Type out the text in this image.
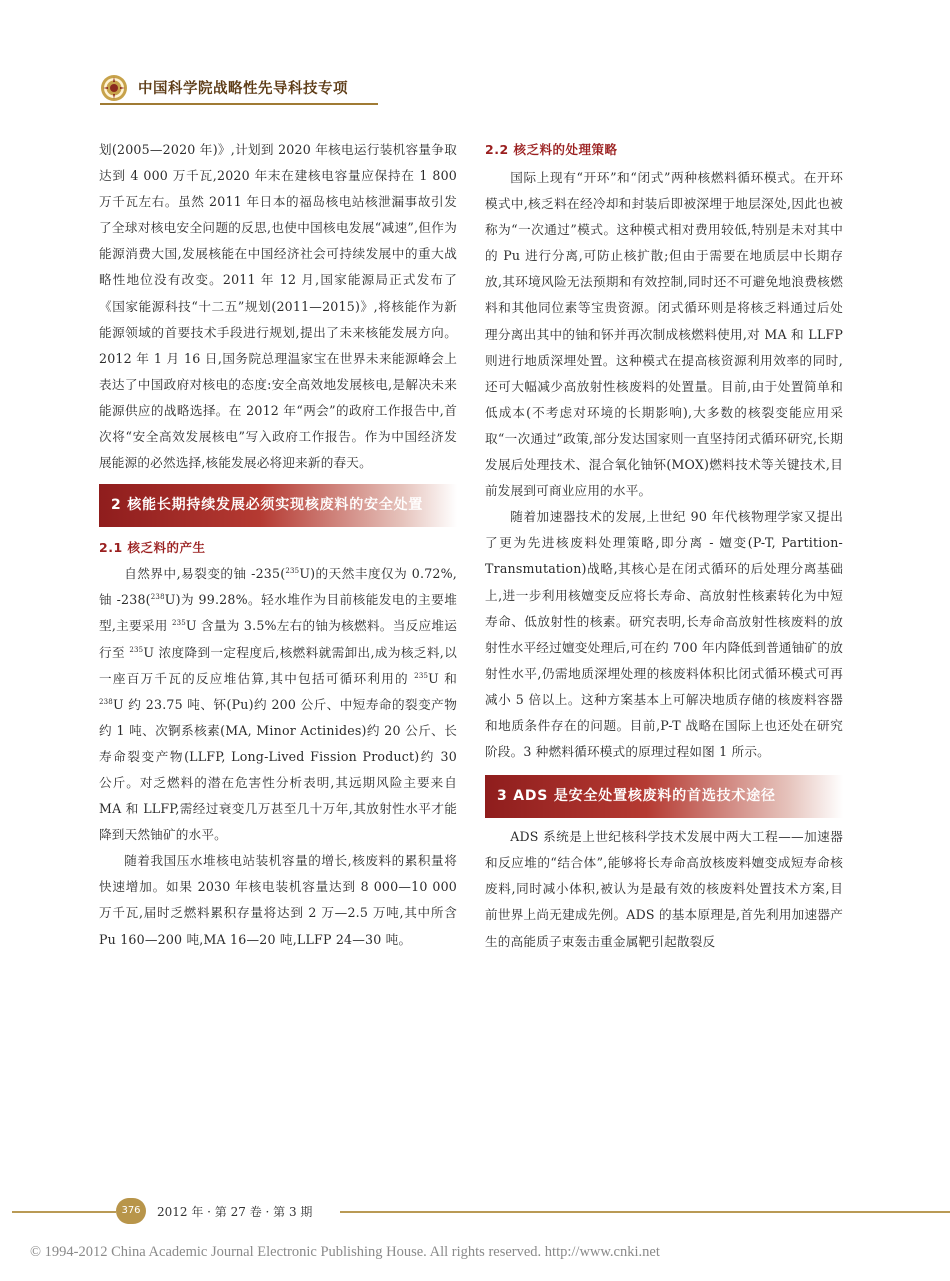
中国科学院战略性先导科技专项

划(2005—2020 年)》,计划到 2020 年核电运行装机容量争取达到 4 000 万千瓦,2020 年末在建核电容量应保持在 1 800 万千瓦左右。虽然 2011 年日本的福岛核电站核泄漏事故引发了全球对核电安全问题的反思,也使中国核电发展“减速”,但作为能源消费大国,发展核能在中国经济社会可持续发展中的重大战略性地位没有改变。2011 年 12 月,国家能源局正式发布了《国家能源科技“十二五”规划(2011—2015)》,将核能作为新能源领域的首要技术手段进行规划,提出了未来核能发展方向。2012 年 1 月 16 日,国务院总理温家宝在世界未来能源峰会上表达了中国政府对核电的态度:安全高效地发展核电,是解决未来能源供应的战略选择。在 2012 年“两会”的政府工作报告中,首次将“安全高效发展核电”写入政府工作报告。作为中国经济发展能源的必然选择,核能发展必将迎来新的春天。

2 核能长期持续发展必须实现核废料的安全处置
2.1 核乏料的产生

自然界中,易裂变的铀 -235($^{235}$U)的天然丰度仅为 0.72%,铀 -238($^{238}$U)为 99.28%。轻水堆作为目前核能发电的主要堆型,主要采用 $^{235}$U 含量为 3.5%左右的铀为核燃料。当反应堆运行至 $^{235}$U 浓度降到一定程度后,核燃料就需卸出,成为核乏料,以一座百万千瓦的反应堆估算,其中包括可循环利用的 $^{235}$U 和 $^{238}$U 约 23.75 吨、钚(Pu)约 200 公斤、中短寿命的裂变产物约 1 吨、次锕系核素(MA, Minor Actinides)约 20 公斤、长寿命裂变产物(LLFP, Long-Lived Fission Product)约 30 公斤。对乏燃料的潜在危害性分析表明,其远期风险主要来自 MA 和 LLFP,需经过衰变几万甚至几十万年,其放射性水平才能降到天然铀矿的水平。

随着我国压水堆核电站装机容量的增长,核废料的累积量将快速增加。如果 2030 年核电装机容量达到 8 000—10 000 万千瓦,届时乏燃料累积存量将达到 2 万—2.5 万吨,其中所含 Pu 160—200 吨,MA 16—20 吨,LLFP 24—30 吨。

2.2 核乏料的处理策略

国际上现有“开环”和“闭式”两种核燃料循环模式。在开环模式中,核乏料在经冷却和封装后即被深埋于地层深处,因此也被称为“一次通过”模式。这种模式相对费用较低,特别是未对其中的 Pu 进行分离,可防止核扩散;但由于需要在地质层中长期存放,其环境风险无法预期和有效控制,同时还不可避免地浪费核燃料和其他同位素等宝贵资源。闭式循环则是将核乏料通过后处理分离出其中的铀和钚并再次制成核燃料使用,对 MA 和 LLFP 则进行地质深埋处置。这种模式在提高核资源利用效率的同时,还可大幅减少高放射性核废料的处置量。目前,由于处置简单和低成本(不考虑对环境的长期影响),大多数的核裂变能应用采取“一次通过”政策,部分发达国家则一直坚持闭式循环研究,长期发展后处理技术、混合氧化铀钚(MOX)燃料技术等关键技术,目前发展到可商业应用的水平。

随着加速器技术的发展,上世纪 90 年代核物理学家又提出了更为先进核废料处理策略,即分离 - 嬗变(P-T, Partition-Transmutation)战略,其核心是在闭式循环的后处理分离基础上,进一步利用核嬗变反应将长寿命、高放射性核素转化为中短寿命、低放射性的核素。研究表明,长寿命高放射性核废料的放射性水平经过嬗变处理后,可在约 700 年内降低到普通铀矿的放射性水平,仍需地质深埋处理的核废料体积比闭式循环模式可再减小 5 倍以上。这种方案基本上可解决地质存储的核废料容器和地质条件存在的问题。目前,P-T 战略在国际上也还处在研究阶段。3 种燃料循环模式的原理过程如图 1 所示。

3 ADS 是安全处置核废料的首选技术途径

ADS 系统是上世纪核科学技术发展中两大工程——加速器和反应堆的“结合体”,能够将长寿命高放核废料嬗变成短寿命核废料,同时减小体积,被认为是最有效的核废料处置技术方案,目前世界上尚无建成先例。ADS 的基本原理是,首先利用加速器产生的高能质子束轰击重金属靶引起散裂反

376	2012 年 · 第 27 卷 · 第 3 期
© 1994-2012 China Academic Journal Electronic Publishing House. All rights reserved. http://www.cnki.net
